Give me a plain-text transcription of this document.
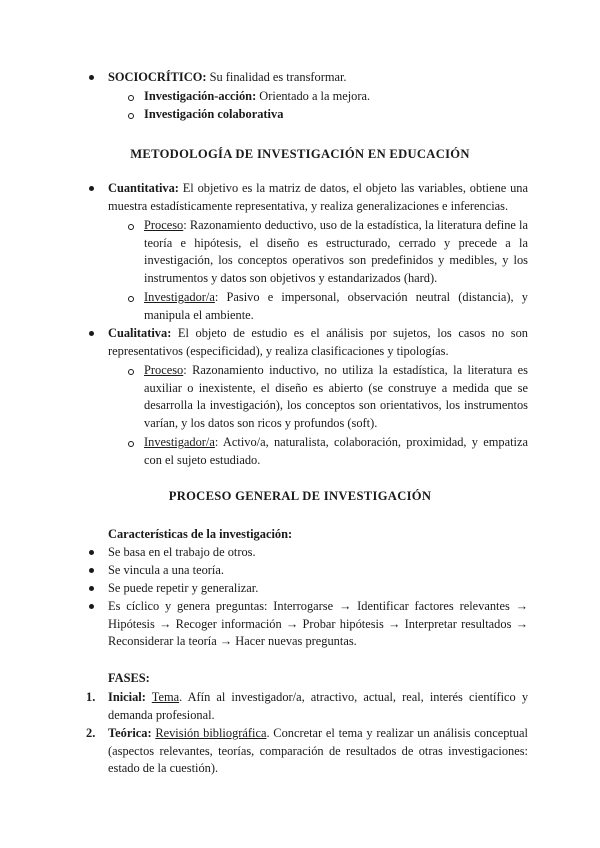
SOCIOCRÍTICO: Su finalidad es transformar.
Investigación-acción: Orientado a la mejora.
Investigación colaborativa
METODOLOGÍA DE INVESTIGACIÓN EN EDUCACIÓN
Cuantitativa: El objetivo es la matriz de datos, el objeto las variables, obtiene una muestra estadísticamente representativa, y realiza generalizaciones e inferencias.
Proceso: Razonamiento deductivo, uso de la estadística, la literatura define la teoría e hipótesis, el diseño es estructurado, cerrado y precede a la investigación, los conceptos operativos son predefinidos y medibles, y los instrumentos y datos son objetivos y estandarizados (hard).
Investigador/a: Pasivo e impersonal, observación neutral (distancia), y manipula el ambiente.
Cualitativa: El objeto de estudio es el análisis por sujetos, los casos no son representativos (especificidad), y realiza clasificaciones y tipologías.
Proceso: Razonamiento inductivo, no utiliza la estadística, la literatura es auxiliar o inexistente, el diseño es abierto (se construye a medida que se desarrolla la investigación), los conceptos son orientativos, los instrumentos varían, y los datos son ricos y profundos (soft).
Investigador/a: Activo/a, naturalista, colaboración, proximidad, y empatiza con el sujeto estudiado.
PROCESO GENERAL DE INVESTIGACIÓN
Características de la investigación:
Se basa en el trabajo de otros.
Se vincula a una teoría.
Se puede repetir y generalizar.
Es cíclico y genera preguntas: Interrogarse → Identificar factores relevantes → Hipótesis → Recoger información → Probar hipótesis → Interpretar resultados → Reconsiderar la teoría → Hacer nuevas preguntas.
FASES:
1. Inicial: Tema. Afín al investigador/a, atractivo, actual, real, interés científico y demanda profesional.
2. Teórica: Revisión bibliográfica. Concretar el tema y realizar un análisis conceptual (aspectos relevantes, teorías, comparación de resultados de otras investigaciones: estado de la cuestión).
